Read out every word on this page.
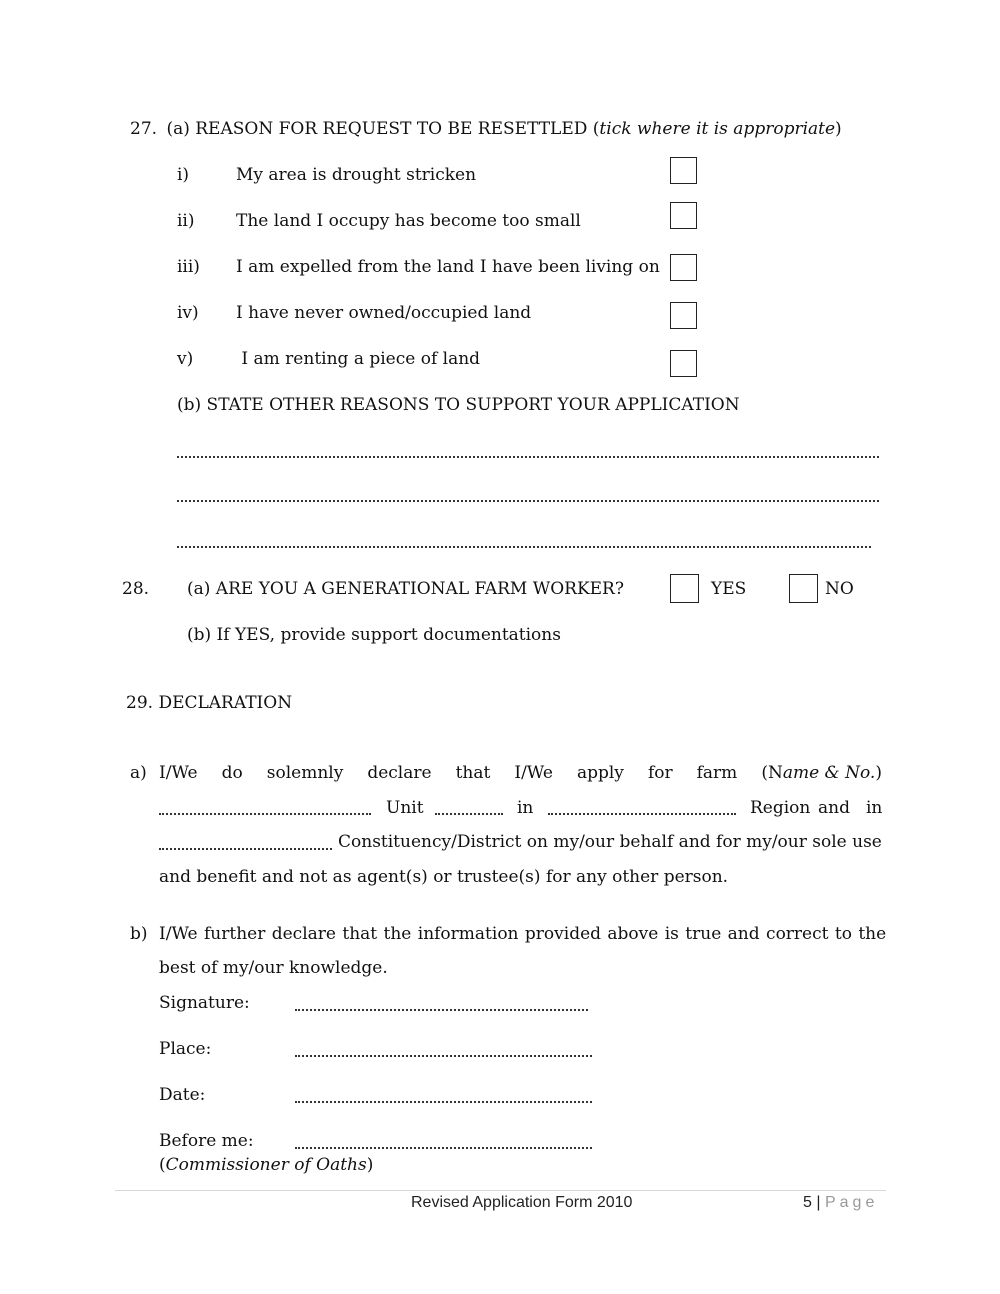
27. (a) REASON FOR REQUEST TO BE RESETTLED (tick where it is appropriate)
i)	My area is drought stricken
ii) The land I occupy has become too small
iii) I am expelled from the land I have been living on
iv) I have never owned/occupied land
v)	I am renting a piece of land
(b) STATE OTHER REASONS TO SUPPORT YOUR APPLICATION
28. (a) ARE YOU A GENERATIONAL FARM WORKER?	YES	NO
(b) If YES, provide support documentations
29. DECLARATION
a) I/We do solemnly declare that I/We apply for farm (Name & No.)
Unit	in	Region and in
Constituency/District on my/our behalf and for my/our sole use
and benefit and not as agent(s) or trustee(s) for any other person.
b) I/We further declare that the information provided above is true and correct to the
best of my/our knowledge.
Signature:
Place:
Date:
Before me:
(Commissioner of Oaths)
Revised Application Form 2010	5 | Page
